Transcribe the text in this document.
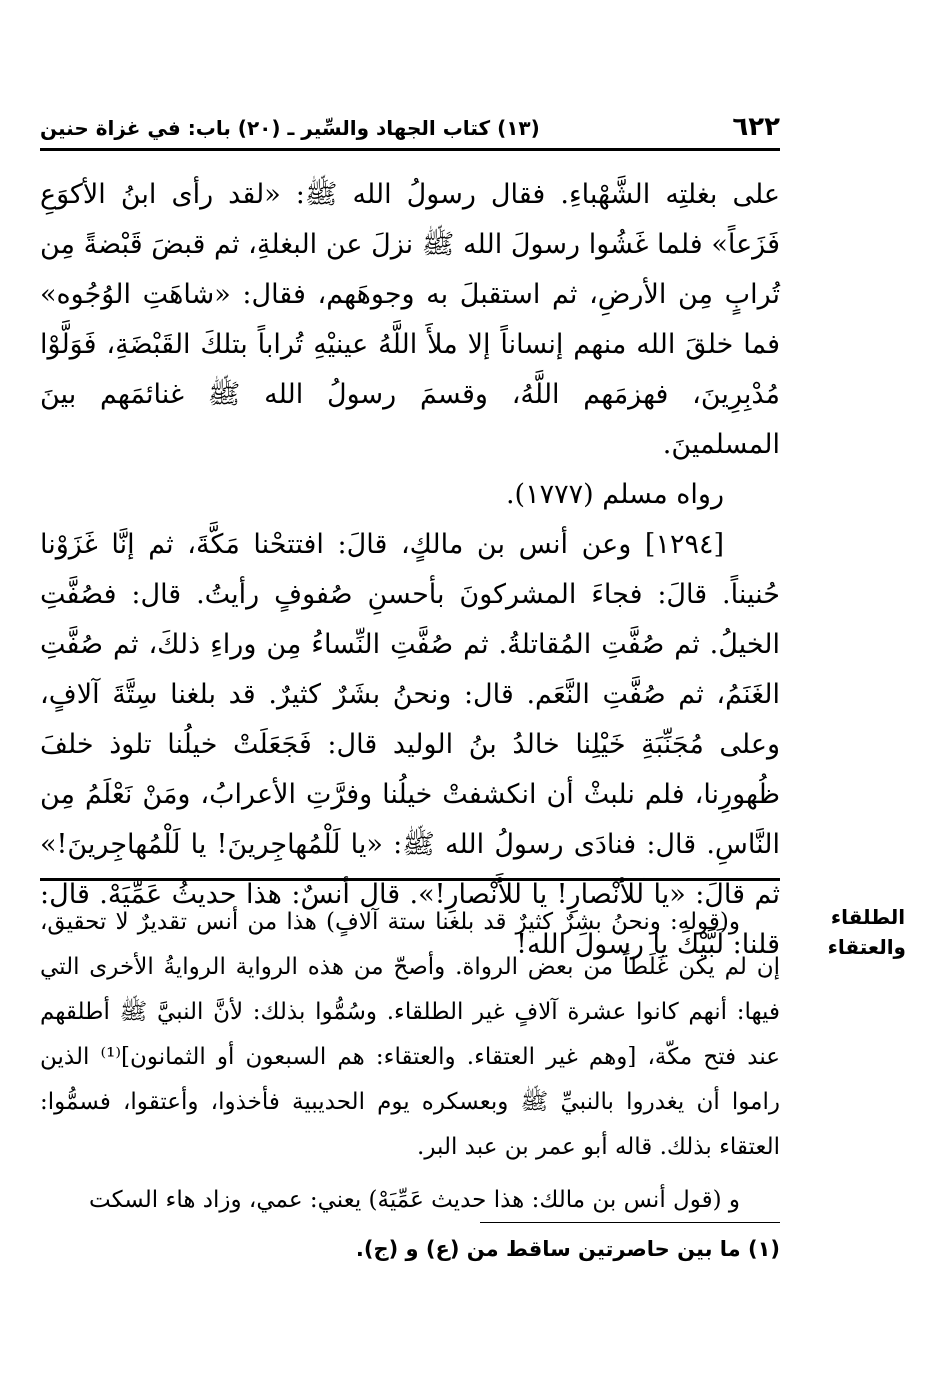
٦٢٢
(١٣) كتاب الجهاد والسِّير ـ (٢٠) باب: في غزاة حنين

على بغلتِه الشَّهْباءِ. فقال رسولُ الله ﷺ: «لقد رأى ابنُ الأكوَعِ فَزَعاً» فلما غَشُوا رسولَ الله ﷺ نزلَ عن البغلةِ، ثم قبضَ قَبْضةً مِن تُرابٍ مِن الأرضِ، ثم استقبلَ به وجوهَهم، فقال: «شاهَتِ الوُجُوه» فما خلقَ الله منهم إنساناً إلا ملأَ اللَّهُ عينيْهِ تُراباً بتلكَ القَبْضَةِ، فَوَلَّوْا مُدْبِرِينَ، فهزمَهم اللَّهُ، وقسمَ رسولُ الله ﷺ غنائمَهم بينَ المسلمينَ.

رواه مسلم (١٧٧٧).

[١٢٩٤] وعن أنس بن مالكٍ، قالَ: افتتحْنا مَكَّةَ، ثم إنَّا غَزَوْنا حُنيناً. قالَ: فجاءَ المشركونَ بأحسنِ صُفوفٍ رأيتُ. قال: فصُفَّتِ الخيلُ. ثم صُفَّتِ المُقاتلةُ. ثم صُفَّتِ النِّساءُ مِن وراءِ ذلكَ، ثم صُفَّتِ الغَنَمُ، ثم صُفَّتِ النَّعَم. قال: ونحنُ بشَرٌ كثيرٌ. قد بلغنا سِتَّةَ آلافٍ، وعلى مُجَنِّبَةِ خَيْلِنا خالدُ بنُ الوليد قال: فَجَعَلَتْ خيلُنا تلوذ خلفَ ظُهورِنا، فلم نلبثْ أن انكشفتْ خيلُنا وفرَّتِ الأعرابُ، ومَنْ نَعْلَمُ مِن النَّاسِ. قال: فنادَى رسولُ الله ﷺ: «يا لَلْمُهاجِرينَ! يا لَلْمُهاجِرينَ!» ثم قالَ: «يا لَلأنْصارِ! يا للأَنْصارِ!». قال أنسٌ: هذا حديثُ عَمِّيَهْ. قال: قلنا: لَبَّيْكَ يا رسولَ الله!

الطلقاء
والعتقاء

و(قوله: ونحنُ بشرٌ كثيرٌ قد بلغنا ستة آلافٍ) هذا من أنس تقديرٌ لا تحقيق، إن لم يكن غَلَطاً من بعض الرواة. وأصحّ من هذه الرواية الروايةُ الأخرى التي فيها: أنهم كانوا عشرة آلافٍ غير الطلقاء. وسُمُّوا بذلك: لأنَّ النبيَّ ﷺ أطلقهم عند فتح مكّة، [وهم غير العتقاء. والعتقاء: هم السبعون أو الثمانون]⁽¹⁾ الذين راموا أن يغدروا بالنبيِّ ﷺ وبعسكره يوم الحديبية فأخذوا، وأعتقوا، فسمُّوا: العتقاء بذلك. قاله أبو عمر بن عبد البر.

و (قول أنس بن مالك: هذا حديث عَمِّيَهْ) يعني: عمي، وزاد هاء السكت

(١) ما بين حاصرتين ساقط من (ع) و (ج).
